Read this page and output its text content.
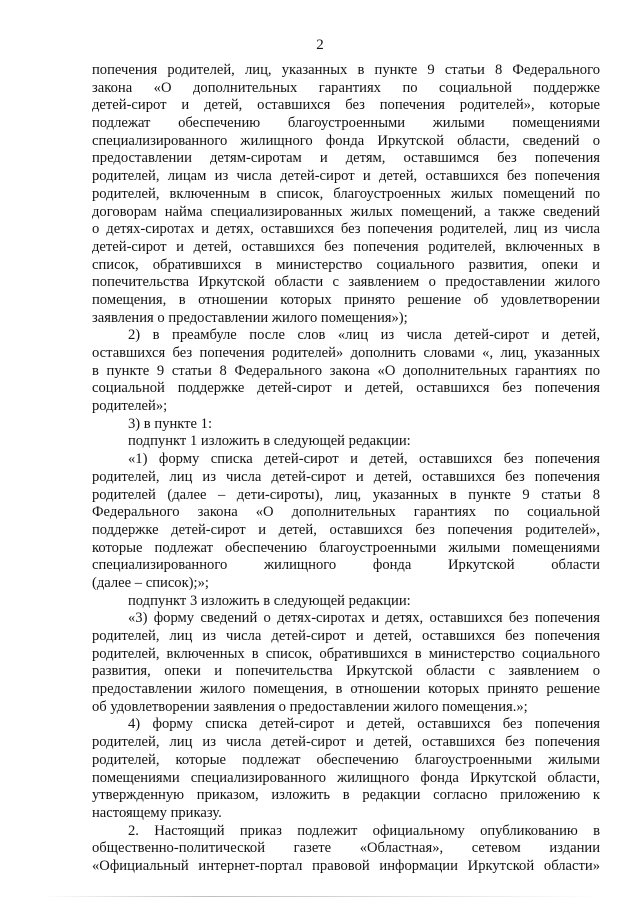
2
попечения родителей, лиц, указанных в пункте 9 статьи 8 Федерального
закона «О дополнительных гарантиях по социальной поддержке
детей-сирот и детей, оставшихся без попечения родителей», которые
подлежат обеспечению благоустроенными жилыми помещениями
специализированного жилищного фонда Иркутской области, сведений о
предоставлении детям-сиротам и детям, оставшимся без попечения
родителей, лицам из числа детей-сирот и детей, оставшихся без попечения
родителей, включенным в список, благоустроенных жилых помещений по
договорам найма специализированных жилых помещений, а также сведений
о детях-сиротах и детях, оставшихся без попечения родителей, лиц из числа
детей-сирот и детей, оставшихся без попечения родителей, включенных в
список, обратившихся в министерство социального развития, опеки и
попечительства Иркутской области с заявлением о предоставлении жилого
помещения, в отношении которых принято решение об удовлетворении
заявления о предоставлении жилого помещения»);
2) в преамбуле после слов «лиц из числа детей-сирот и детей,
оставшихся без попечения родителей» дополнить словами «, лиц, указанных
в пункте 9 статьи 8 Федерального закона «О дополнительных гарантиях по
социальной поддержке детей-сирот и детей, оставшихся без попечения
родителей»;
3) в пункте 1:
подпункт 1 изложить в следующей редакции:
«1) форму списка детей-сирот и детей, оставшихся без попечения
родителей, лиц из числа детей-сирот и детей, оставшихся без попечения
родителей (далее – дети-сироты), лиц, указанных в пункте 9 статьи 8
Федерального закона «О дополнительных гарантиях по социальной
поддержке детей-сирот и детей, оставшихся без попечения родителей»,
которые подлежат обеспечению благоустроенными жилыми помещениями
специализированного жилищного фонда Иркутской области
(далее – список);»;
подпункт 3 изложить в следующей редакции:
«3) форму сведений о детях-сиротах и детях, оставшихся без попечения
родителей, лиц из числа детей-сирот и детей, оставшихся без попечения
родителей, включенных в список, обратившихся в министерство социального
развития, опеки и попечительства Иркутской области с заявлением о
предоставлении жилого помещения, в отношении которых принято решение
об удовлетворении заявления о предоставлении жилого помещения.»;
4) форму списка детей-сирот и детей, оставшихся без попечения
родителей, лиц из числа детей-сирот и детей, оставшихся без попечения
родителей, которые подлежат обеспечению благоустроенными жилыми
помещениями специализированного жилищного фонда Иркутской области,
утвержденную приказом, изложить в редакции согласно приложению к
настоящему приказу.
2. Настоящий приказ подлежит официальному опубликованию в
общественно-политической газете «Областная», сетевом издании
«Официальный интернет-портал правовой информации Иркутской области»
